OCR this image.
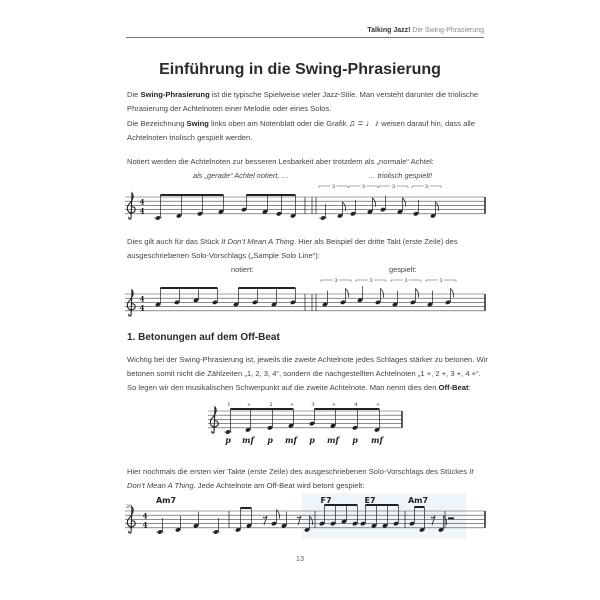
Talking Jazz! Die Swing-Phrasierung
Einführung in die Swing-Phrasierung
Die Swing-Phrasierung ist die typische Spielweise vieler Jazz-Stile. Man versteht darunter die triolische Phrasierung der Achtelnoten einer Melodie oder eines Solos.
Die Bezeichnung Swing links oben am Notenblatt oder die Grafik ♫ = ♩♪ weisen darauf hin, dass alle Achtelnoten triolisch gespielt werden.
Notiert werden die Achtelnoten zur besseren Lesbarkeit aber trotzdem als „normale“ Achtel:
als „gerade“ Achtel notiert, …	… triolisch gespielt!
4
4
3	3	3	3
Dies gilt auch für das Stück It Don’t Mean A Thing. Hier als Beispiel der dritte Takt (erste Zeile) des ausgeschriebenen Solo-Vorschlags („Sample Solo Line“):
notiert:	gespielt:
4
4
3	3	3	3
1. Betonungen auf dem Off-Beat
Wichtig bei der Swing-Phrasierung ist, jeweils die zweite Achtelnote jedes Schlages stärker zu betonen. Wir betonen somit nicht die Zählzeiten „1, 2, 3, 4“, sondern die nachgestellten Achtelnoten „1 +, 2 +, 3 +, 4 +“. So legen wir den musikalischen Schwerpunkt auf die zweite Achtelnote. Man nennt dies den Off-Beat:
1
p
+
mf
2
p
+
mf
3
p
+
mf
4
p
+
mf
Hier nochmals die ersten vier Takte (erste Zeile) des ausgeschriebenen Solo-Vorschlags des Stückes It Don’t Mean A Thing. Jede Achtelnote am Off-Beat wird betont gespielt:
4
4
29
Am7	F7	E7	Am7
13
